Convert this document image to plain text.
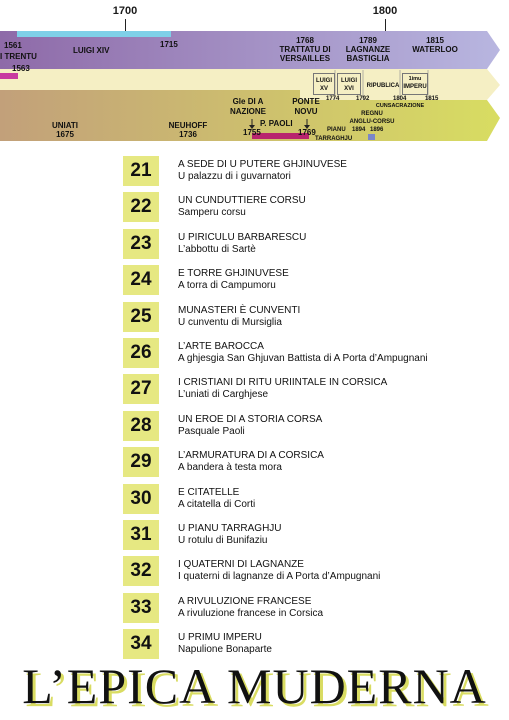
1700	1800
1561
I TRENTU
1563
LUIGI XIV
1715	1768
TRATTATU DI
VERSAILLES
1789
LAGNANZE
BASTIGLIA
1815
WATERLOO
LUIGI
XV
1774
LUIGI
XVI
1792
RIPUBLICA
1imu
IMPERU
1804	1815
UNIATI
1675
NEUHOFF
1736
Gle DI A
NAZIONE
1755
P. PAOLI
1769
PONTE
NOVU	REGNU
ANGLU-CORSU
CUNSACRAZIONE
PIANU 1894 1896
TARRAGHJU
21	A SEDE DI U PUTERE GHJINUVESE
U palazzu di i guvarnatori
22	UN CUNDUTTIERE CORSU
Samperu corsu
23	U PIRICULU BARBARESCU
L’abbottu di Sartè
24	E TORRE GHJINUVESE
A torra di Campumoru
25	MUNASTERI È CUNVENTI
U cunventu di Mursiglia
26	L’ARTE BAROCCA
A ghjesgia San Ghjuvan Battista di A Porta d’Ampugnani
27	I CRISTIANI DI RITU URIINTALE IN CORSICA
L’uniati di Carghjese
28	UN EROE DI A STORIA CORSA
Pasquale Paoli
29	L’ARMURATURA DI A CORSICA
A bandera à testa mora
30	E CITATELLE
A citatella di Corti
31	U PIANU TARRAGHJU
U rotulu di Bunifaziu
32	I QUATERNI DI LAGNANZE
I quaterni di lagnanze di A Porta d’Ampugnani
33	A RIVULUZIONE FRANCESE
A rivuluzione francese in Corsica
34	U PRIMU IMPERU
Napulione Bonaparte
L’EPICA MUDERNA
